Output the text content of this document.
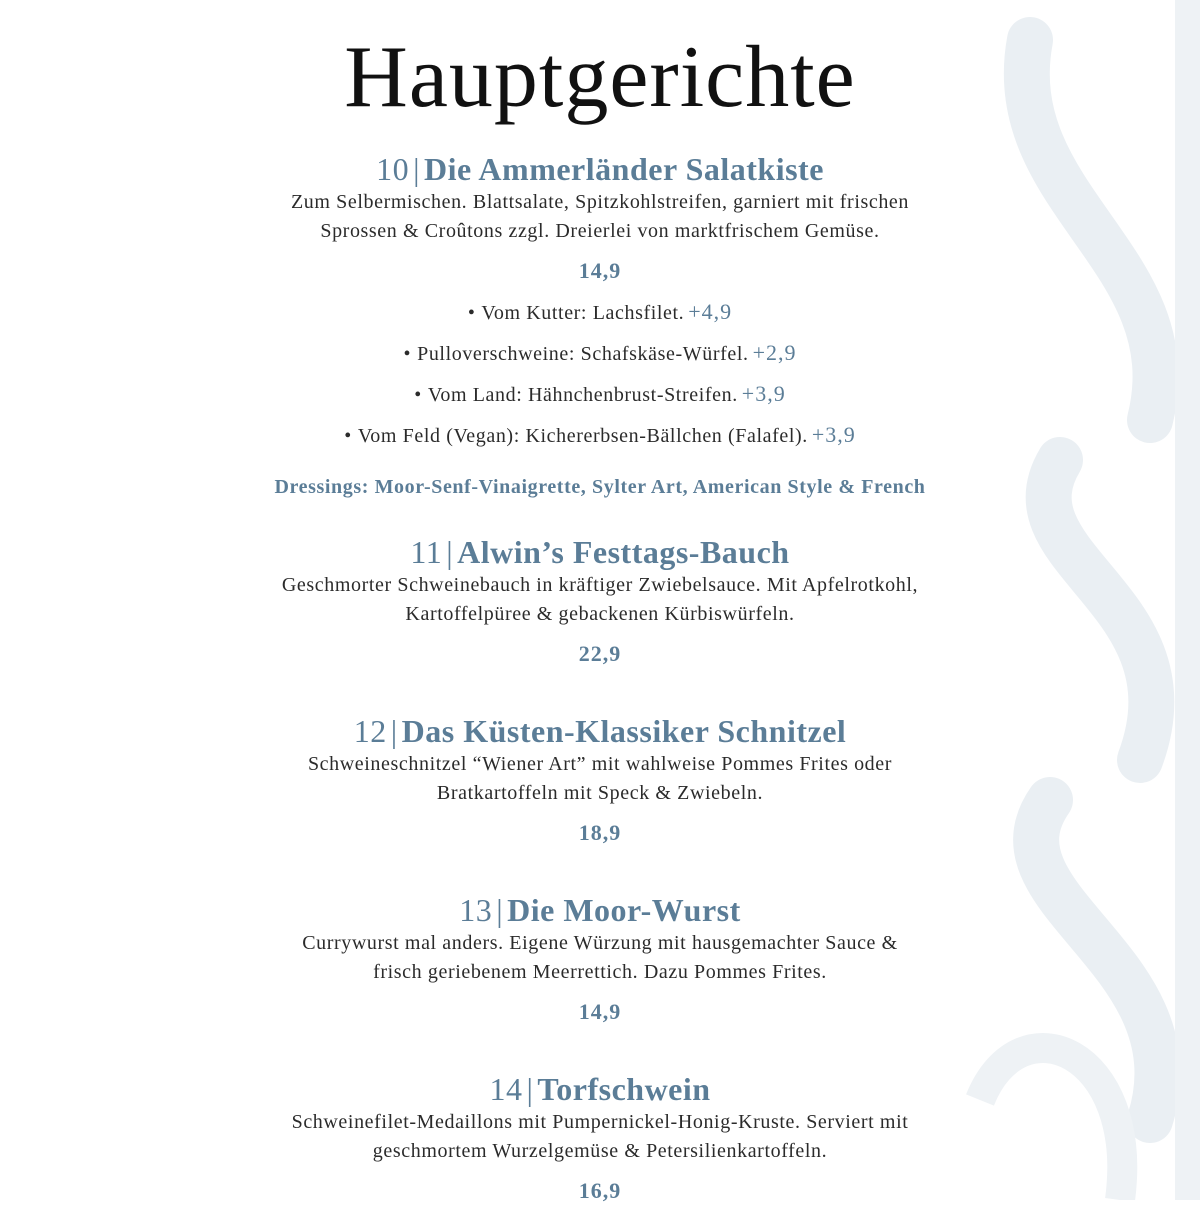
Hauptgerichte
10 | Die Ammerländer Salatkiste
Zum Selbermischen. Blattsalate, Spitzkohlstreifen, garniert mit frischen
Sprossen & Croûtons zzgl. Dreierlei von marktfrischem Gemüse.
14,9
• Vom Kutter: Lachsfilet. +4,9
• Pulloverschweine: Schafskäse-Würfel. +2,9
• Vom Land: Hähnchenbrust-Streifen. +3,9
• Vom Feld (Vegan): Kichererbsen-Bällchen (Falafel). +3,9
Dressings: Moor-Senf-Vinaigrette, Sylter Art, American Style & French
11 | Alwin’s Festtags-Bauch
Geschmorter Schweinebauch in kräftiger Zwiebelsauce. Mit Apfelrotkohl,
Kartoffelpüree & gebackenen Kürbiswürfeln.
22,9
12 | Das Küsten-Klassiker Schnitzel
Schweineschnitzel “Wiener Art” mit wahlweise Pommes Frites oder
Bratkartoffeln mit Speck & Zwiebeln.
18,9
13 | Die Moor-Wurst
Currywurst mal anders. Eigene Würzung mit hausgemachter Sauce &
frisch geriebenem Meerrettich. Dazu Pommes Frites.
14,9
14 | Torfschwein
Schweinefilet-Medaillons mit Pumpernickel-Honig-Kruste. Serviert mit
geschmortem Wurzelgemüse & Petersilienkartoffeln.
16,9
